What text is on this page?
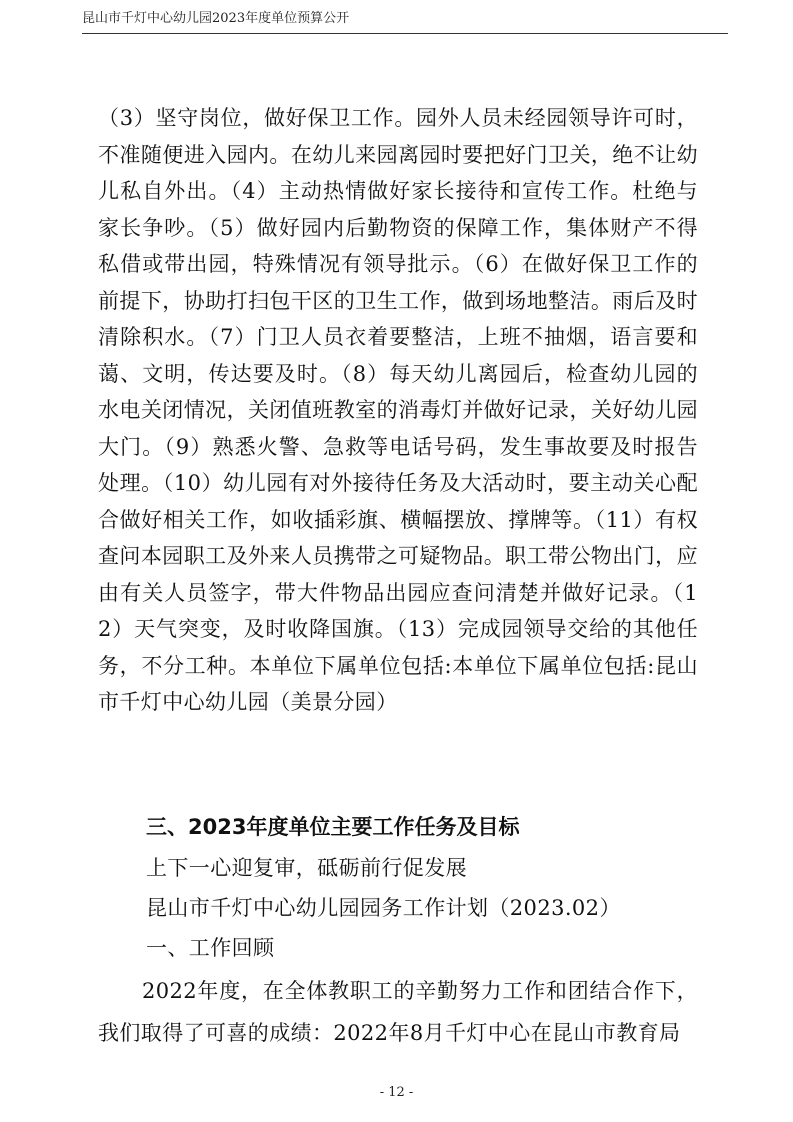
昆山市千灯中心幼儿园2023年度单位预算公开

（3）坚守岗位，做好保卫工作。园外人员未经园领导许可时，不准随便进入园内。在幼儿来园离园时要把好门卫关，绝不让幼儿私自外出。（4）主动热情做好家长接待和宣传工作。杜绝与家长争吵。（5）做好园内后勤物资的保障工作，集体财产不得私借或带出园，特殊情况有领导批示。（6）在做好保卫工作的前提下，协助打扫包干区的卫生工作，做到场地整洁。雨后及时清除积水。（7）门卫人员衣着要整洁，上班不抽烟，语言要和蔼、文明，传达要及时。（8）每天幼儿离园后，检查幼儿园的水电关闭情况，关闭值班教室的消毒灯并做好记录，关好幼儿园大门。（9）熟悉火警、急救等电话号码，发生事故要及时报告处理。（10）幼儿园有对外接待任务及大活动时，要主动关心配合做好相关工作，如收插彩旗、横幅摆放、撑牌等。（11）有权查问本园职工及外来人员携带之可疑物品。职工带公物出门，应由有关人员签字，带大件物品出园应查问清楚并做好记录。（12）天气突变，及时收降国旗。（13）完成园领导交给的其他任务，不分工种。本单位下属单位包括:本单位下属单位包括:昆山市千灯中心幼儿园（美景分园）

三、2023年度单位主要工作任务及目标
上下一心迎复审，砥砺前行促发展
昆山市千灯中心幼儿园园务工作计划（2023.02）
一、工作回顾

2022年度，在全体教职工的辛勤努力工作和团结合作下，我们取得了可喜的成绩：2022年8月千灯中心在昆山市教育局

- 12 -
